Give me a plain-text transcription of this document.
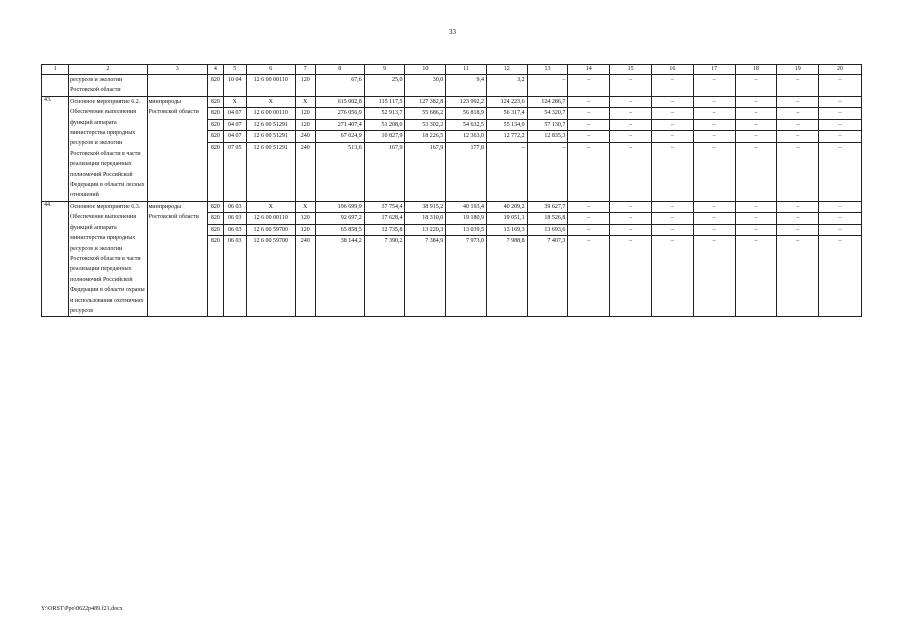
33
1	2	3	4	5	6	7	8	9	10	11	12	13	14	15	16	17	18	19	20
	ресурсов и экологии Ростовской области		820	10 04	12 6 00 00110	120	67,6	25,0	30,0	9,4	3,2	–	–	–	–	–	–	–	–
43.	Основное мероприятие 6.2. Обеспечение выполнения функций аппарата министерства природных ресурсов и экологии Ростовской области в части реализации переданных полномочий Российской Федерации в области лесных отношений	минприроды Ростовской области	820	X	X	X	615 002,8	115 117,5	127 382,8	123 992,2	124 223,6	124 286,7	–	–	–	–	–	–	–
			820	04 07	12 6 00 00110	120	276 056,9	52 913,7	55 686,2	56 818,9	56 317,4	54 320,7	–	–	–	–	–	–	–
			820	04 07	12 6 00 51291	120	271 407,4	51 208,0	53 302,2	54 632,5	55 134,0	57 130,7	–	–	–	–	–	–	–
			820	04 07	12 6 00 51291	240	67 024,9	10 827,9	18 226,5	12 363,0	12 772,2	12 835,3	–	–	–	–	–	–	–
			820	07 05	12 6 00 51291	240	513,6	167,9	167,9	177,8	–	–	–	–	–	–	–	–	–

44.	Основное мероприятие 6.3. Обеспечение выполнения функций аппарата министерства природных ресурсов и экологии Ростовской области в части реализации переданных полномочий Российской Федерации в области охраны и использования охотничьих ресурсов	минприроды Ростовской области	820	06 03	X	X	196 699,9	37 754,4	38 915,2	40 193,4	40 209,2	39 627,7	–	–	–	–	–	–	–
			820	06 03	12 6 00 00110	120	92 697,2	17 628,4	18 310,0	19 180,9	19 051,1	18 526,8	–	–	–	–	–	–	–
			820	06 03	12 6 00 59700	120	65 858,5	12 735,8	13 220,3	13 039,5	13 169,3	13 693,6	–	–	–	–	–	–	–
			820	06 03	12 6 00 59700	240	38 144,2	7 390,2	7 384,9	7 973,0	7 988,8	7 407,3	–	–	–	–	–	–	–

Y:\ORST\Ppo\0622p489.f21.docx
